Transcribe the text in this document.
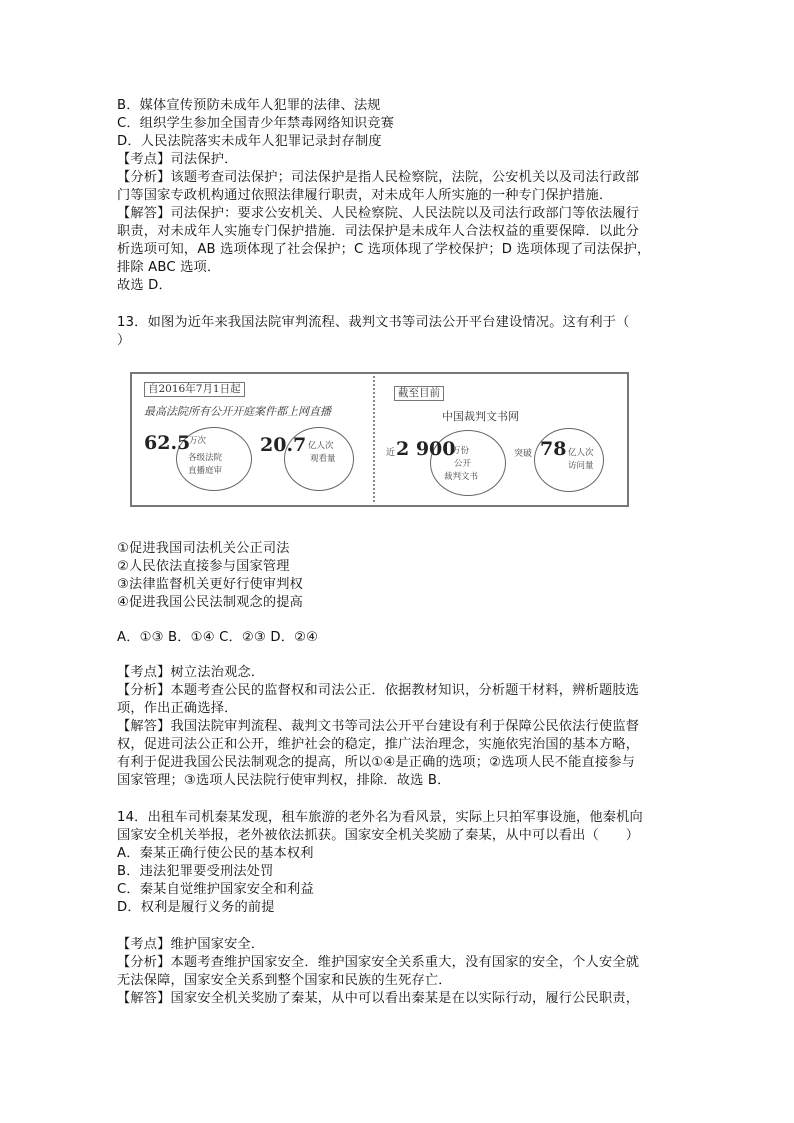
B．媒体宣传预防未成年人犯罪的法律、法规
C．组织学生参加全国青少年禁毒网络知识竞赛
D．人民法院落实未成年人犯罪记录封存制度
【考点】司法保护．
【分析】该题考查司法保护；司法保护是指人民检察院，法院，公安机关以及司法行政部
门等国家专政机构通过依照法律履行职责，对未成年人所实施的一种专门保护措施．
【解答】司法保护：要求公安机关、人民检察院、人民法院以及司法行政部门等依法履行
职责，对未成年人实施专门保护措施．司法保护是未成年人合法权益的重要保障．以此分
析选项可知，AB 选项体现了社会保护；C 选项体现了学校保护；D 选项体现了司法保护，
排除 ABC 选项．
故选 D．
13．如图为近年来我国法院审判流程、裁判文书等司法公开平台建设情况。这有利于（
）
自2016年7月1日起
最高法院所有公开开庭案件都上网直播
62.5
万次
各级法院
直播庭审
20.7 亿人次
观看量
截至目前
中国裁判文书网
近 2 900
万份
公开
裁判文书
突破 78 亿人次
访问量
①促进我国司法机关公正司法
②人民依法直接参与国家管理
③法律监督机关更好行使审判权
④促进我国公民法制观念的提高
A．①③ B．①④ C．②③ D．②④
【考点】树立法治观念．
【分析】本题考查公民的监督权和司法公正．依据教材知识，分析题干材料，辨析题肢选
项，作出正确选择．
【解答】我国法院审判流程、裁判文书等司法公开平台建设有利于保障公民依法行使监督
权，促进司法公正和公开，维护社会的稳定，推广法治理念，实施依宪治国的基本方略，
有利于促进我国公民法制观念的提高，所以①④是正确的选项；②选项人民不能直接参与
国家管理；③选项人民法院行使审判权，排除．故选 B．
14．出租车司机秦某发现，租车旅游的老外名为看风景，实际上只拍军事设施，他秦机向
国家安全机关举报，老外被依法抓获。国家安全机关奖励了秦某，从中可以看出（　　）
A．秦某正确行使公民的基本权利
B．违法犯罪要受刑法处罚
C．秦某自觉维护国家安全和利益
D．权利是履行义务的前提
【考点】维护国家安全．
【分析】本题考查维护国家安全．维护国家安全关系重大，没有国家的安全，个人安全就
无法保障，国家安全关系到整个国家和民族的生死存亡．
【解答】国家安全机关奖励了秦某，从中可以看出秦某是在以实际行动，履行公民职责，
